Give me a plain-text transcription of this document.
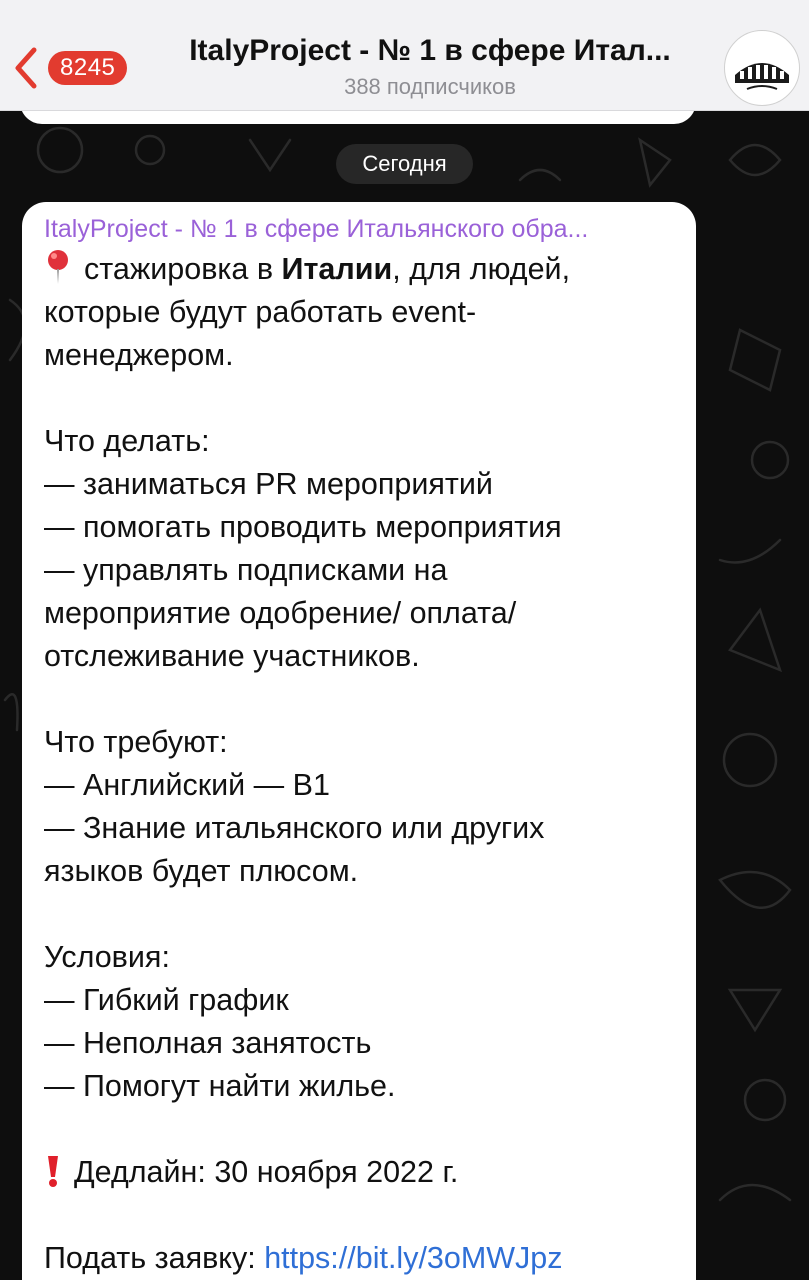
8245
ItalyProject - № 1 в сфере Итал...
388 подписчиков
Сегодня
ItalyProject - № 1 в сфере Итальянского обра...
стажировка в Италии, для людей,
которые будут работать event-
менеджером.
Что делать:
— заниматься PR мероприятий
— помогать проводить мероприятия
— управлять подписками на
мероприятие одобрение/ оплата/
отслеживание участников.
Что требуют:
— Английский — B1
— Знание итальянского или других
языков будет плюсом.
Условия:
— Гибкий график
— Неполная занятость
— Помогут найти жилье.
Дедлайн: 30 ноября 2022 г.
Подать заявку: https://bit.ly/3oMWJpz
